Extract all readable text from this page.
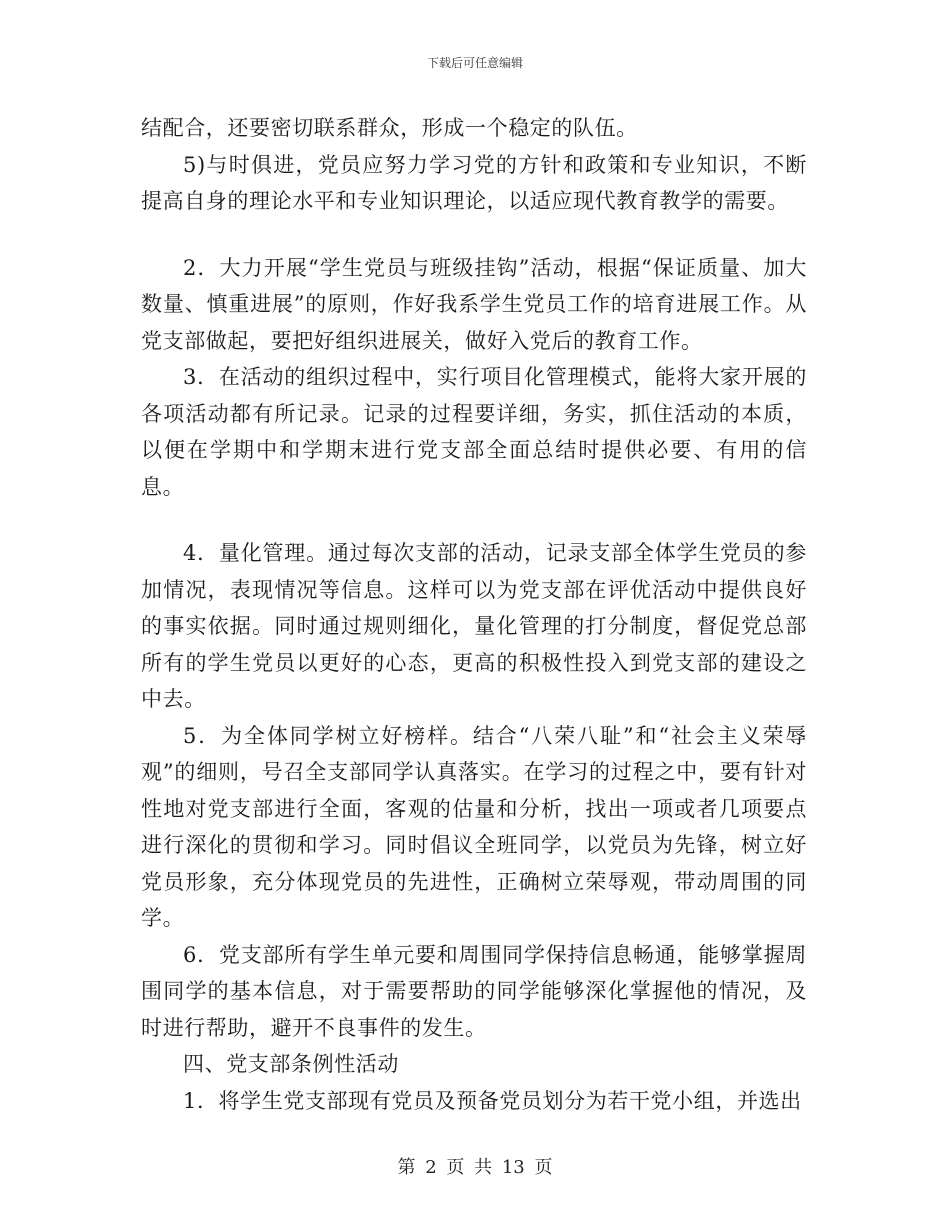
下载后可任意编辑

结配合，还要密切联系群众，形成一个稳定的队伍。

5)与时俱进，党员应努力学习党的方针和政策和专业知识，不断提高自身的理论水平和专业知识理论，以适应现代教育教学的需要。

2．大力开展“学生党员与班级挂钩”活动，根据“保证质量、加大数量、慎重进展”的原则，作好我系学生党员工作的培育进展工作。从党支部做起，要把好组织进展关，做好入党后的教育工作。

3．在活动的组织过程中，实行项目化管理模式，能将大家开展的各项活动都有所记录。记录的过程要详细，务实，抓住活动的本质，以便在学期中和学期末进行党支部全面总结时提供必要、有用的信息。

4．量化管理。通过每次支部的活动，记录支部全体学生党员的参加情况，表现情况等信息。这样可以为党支部在评优活动中提供良好的事实依据。同时通过规则细化，量化管理的打分制度，督促党总部所有的学生党员以更好的心态，更高的积极性投入到党支部的建设之中去。

5．为全体同学树立好榜样。结合“八荣八耻”和“社会主义荣辱观”的细则，号召全支部同学认真落实。在学习的过程之中，要有针对性地对党支部进行全面，客观的估量和分析，找出一项或者几项要点进行深化的贯彻和学习。同时倡议全班同学，以党员为先锋，树立好党员形象，充分体现党员的先进性，正确树立荣辱观，带动周围的同学。

6．党支部所有学生单元要和周围同学保持信息畅通，能够掌握周围同学的基本信息，对于需要帮助的同学能够深化掌握他的情况，及时进行帮助，避开不良事件的发生。

四、党支部条例性活动

1．将学生党支部现有党员及预备党员划分为若干党小组，并选出

第 2 页 共 13 页
